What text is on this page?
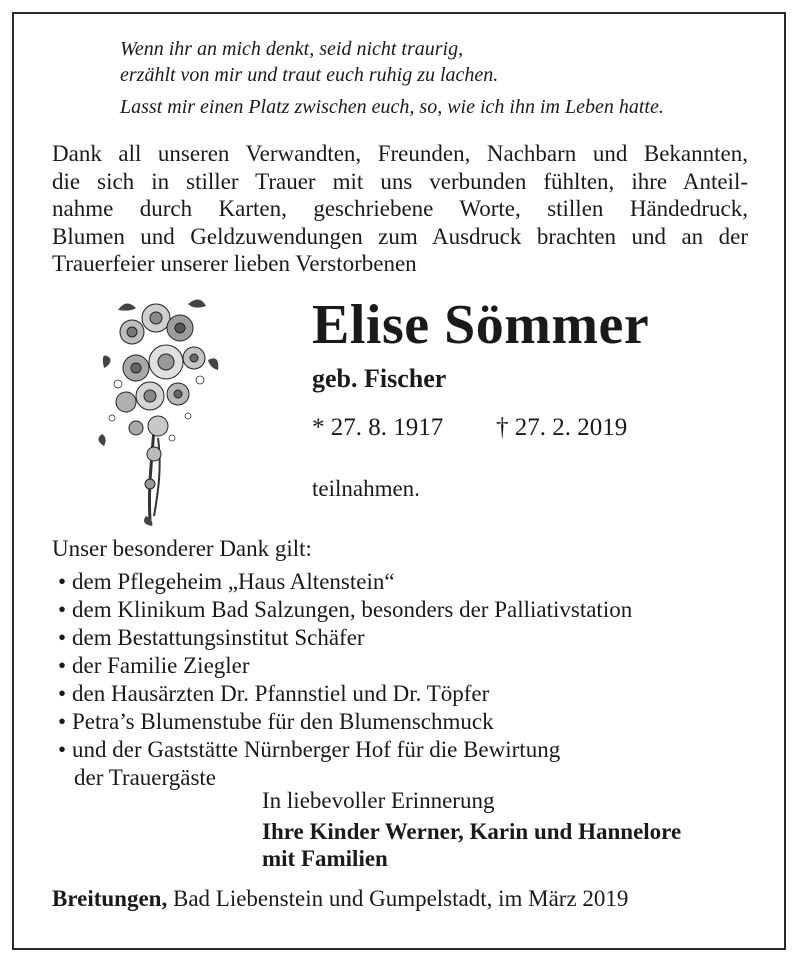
Wenn ihr an mich denkt, seid nicht traurig,
erzählt von mir und traut euch ruhig zu lachen.
Lasst mir einen Platz zwischen euch, so, wie ich ihn im Leben hatte.
Dank all unseren Verwandten, Freunden, Nachbarn und Bekannten,
die sich in stiller Trauer mit uns verbunden fühlten, ihre Anteil-
nahme durch Karten, geschriebene Worte, stillen Händedruck,
Blumen und Geldzuwendungen zum Ausdruck brachten und an der
Trauerfeier unserer lieben Verstorbenen
Elise Sömmer
geb. Fischer
* 27. 8. 1917 † 27. 2. 2019
teilnahmen.
Unser besonderer Dank gilt:
• dem Pflegeheim „Haus Altenstein“
• dem Klinikum Bad Salzungen, besonders der Palliativstation
• dem Bestattungsinstitut Schäfer
• der Familie Ziegler
• den Hausärzten Dr. Pfannstiel und Dr. Töpfer
• Petra’s Blumenstube für den Blumenschmuck
• und der Gaststätte Nürnberger Hof für die Bewirtung
der Trauergäste
In liebevoller Erinnerung
Ihre Kinder Werner, Karin und Hannelore
mit Familien
Breitungen, Bad Liebenstein und Gumpelstadt, im März 2019
